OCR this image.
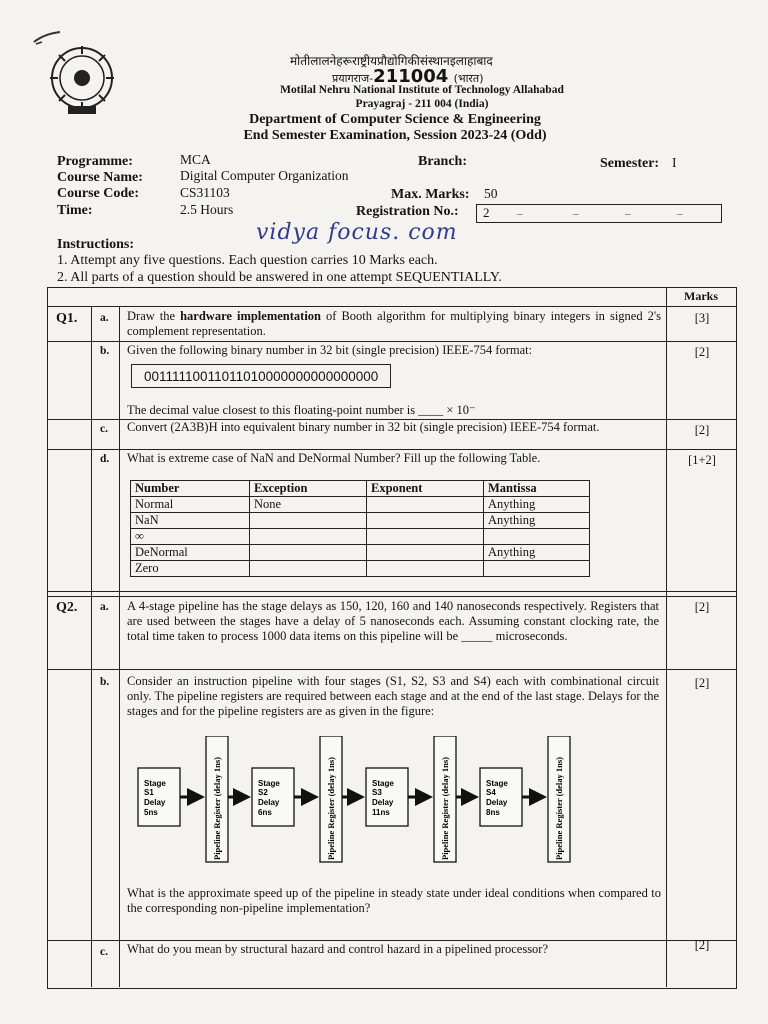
मोतीलालनेहरूराष्ट्रीयप्रौद्योगिकीसंस्थानइलाहाबाद
प्रयागराज-211004 (भारत)
Motilal Nehru National Institute of Technology Allahabad
Prayagraj - 211 004 (India)
Department of Computer Science & Engineering
End Semester Examination, Session 2023-24 (Odd)
Programme:	MCA
Course Name:	Digital Computer Organization
Course Code:	CS31103
Time:	2.5 Hours
Branch:	Semester: I
Max. Marks: 50
Registration No.: 2	–	–	–	–
vidya focus. com
Instructions:
1. Attempt any five questions. Each question carries 10 Marks each.
2. All parts of a question should be answered in one attempt SEQUENTIALLY.
Marks
Q1. a. Draw the hardware implementation of Booth algorithm for multiplying binary integers in signed 2's complement representation.
[3]
b. Given the following binary number in 32 bit (single precision) IEEE-754 format:
00111110011011010000000000000000
The decimal value closest to this floating-point number is ____ × 10⁻
[2]
c. Convert (2A3B)H into equivalent binary number in 32 bit (single precision) IEEE-754 format.	[2]
d. What is extreme case of NaN and DeNormal Number? Fill up the following Table.	[1+2]
Number	Exception	Exponent	Mantissa
Normal	None		Anything
NaN			Anything
∞			
DeNormal			Anything
Zero			
Q2. a. A 4-stage pipeline has the stage delays as 150, 120, 160 and 140 nanoseconds respectively. Registers that are used between the stages have a delay of 5 nanoseconds each. Assuming constant clocking rate, the total time taken to process 1000 data items on this pipeline will be _____ microseconds.
[2]
b. Consider an instruction pipeline with four stages (S1, S2, S3 and S4) each with combinational circuit only. The pipeline registers are required between each stage and at the end of the last stage. Delays for the stages and for the pipeline registers are as given in the figure:
[2]
Stage
S1
Delay
5ns	Pipeline Register (delay 1ns)	Stage
S2
Delay
6ns	Pipeline Register (delay 1ns)	Stage
S3
Delay
11ns	Pipeline Register (delay 1ns)	Stage
S4
Delay
8ns	Pipeline Register (delay 1ns)
What is the approximate speed up of the pipeline in steady state under ideal conditions when compared to the corresponding non-pipeline implementation?
c. What do you mean by structural hazard and control hazard in a pipelined processor?	[2]
